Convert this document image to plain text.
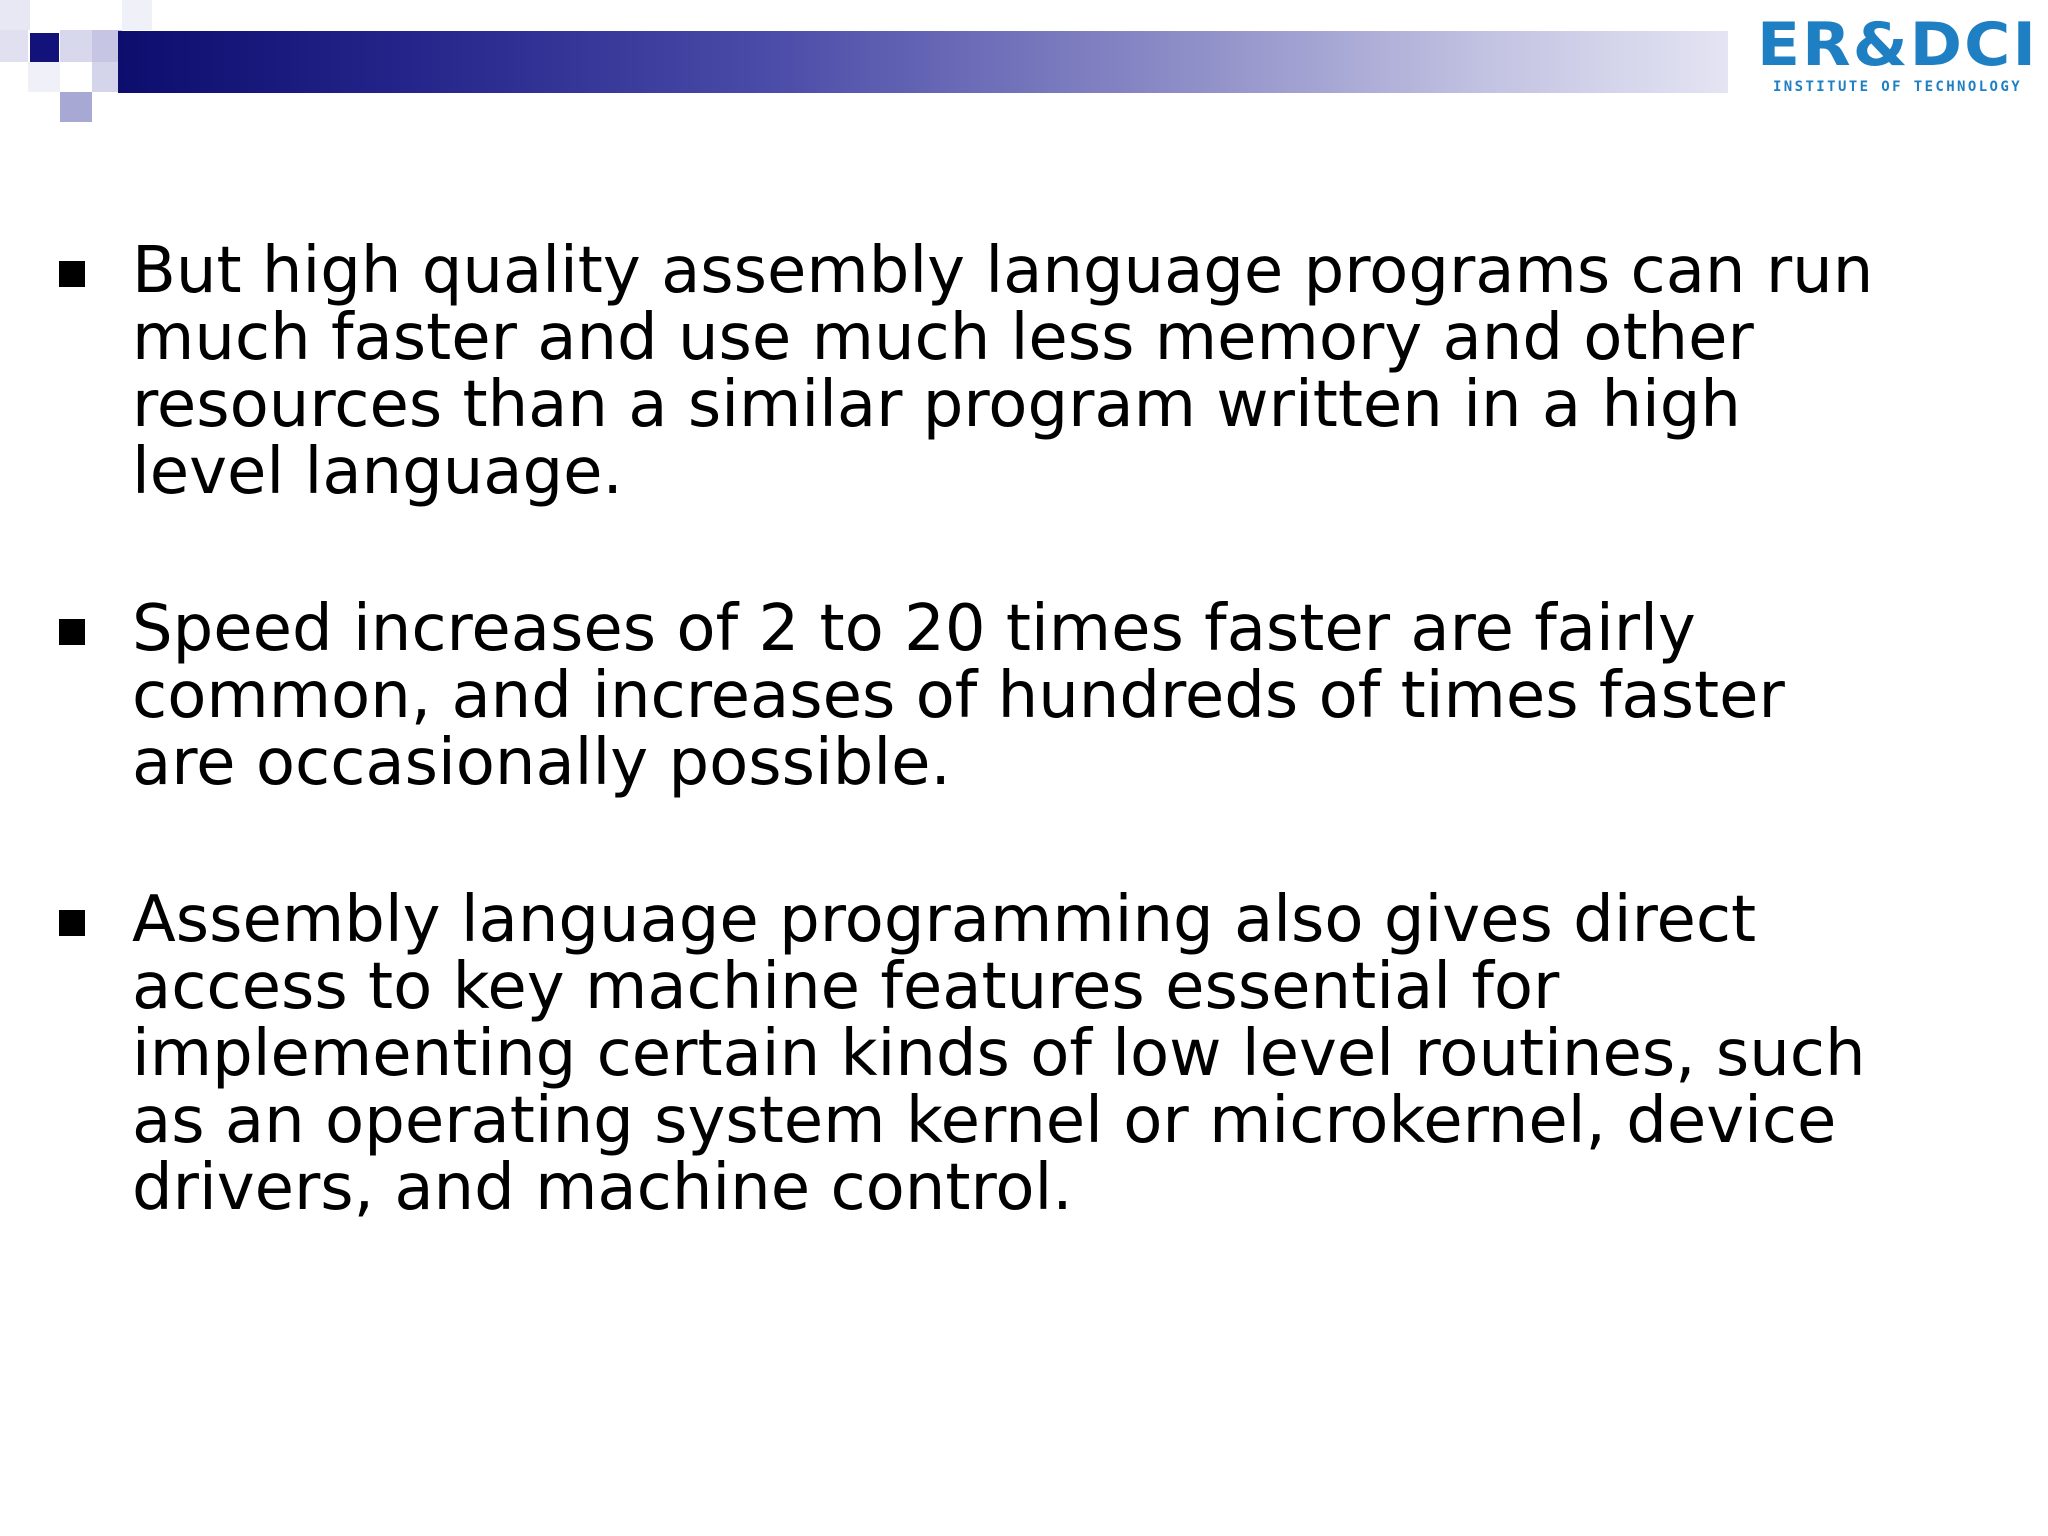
ER&DCI
INSTITUTE OF TECHNOLOGY
But high quality assembly language programs can run
much faster and use much less memory and other
resources than a similar program written in a high
level language.
Speed increases of 2 to 20 times faster are fairly
common, and increases of hundreds of times faster
are occasionally possible.
Assembly language programming also gives direct
access to key machine features essential for
implementing certain kinds of low level routines, such
as an operating system kernel or microkernel, device
drivers, and machine control.
